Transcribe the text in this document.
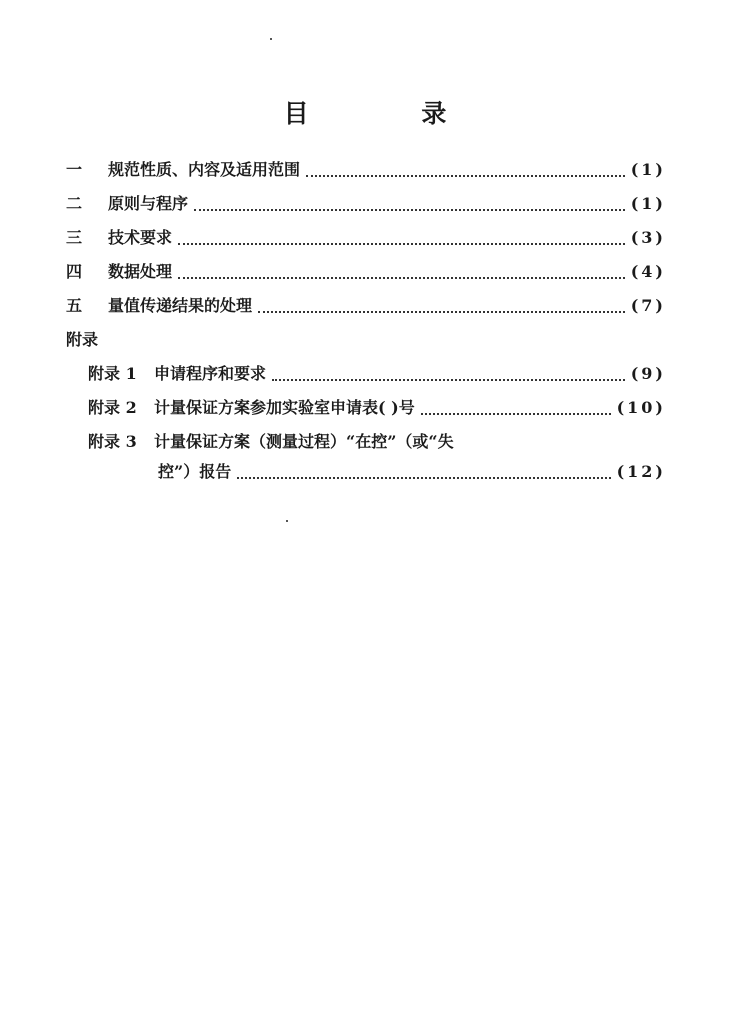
目 录
一	规范性质、内容及适用范围	(1)
二	原则与程序	(1)
三	技术要求	(3)
四	数据处理	(4)
五	量值传递结果的处理	(7)
附录
附录 1	申请程序和要求	(9)
附录 2	计量保证方案参加实验室申请表( )号	(10)
附录 3 计量保证方案（测量过程）“在控”（或“失
控”）报告	(12)
